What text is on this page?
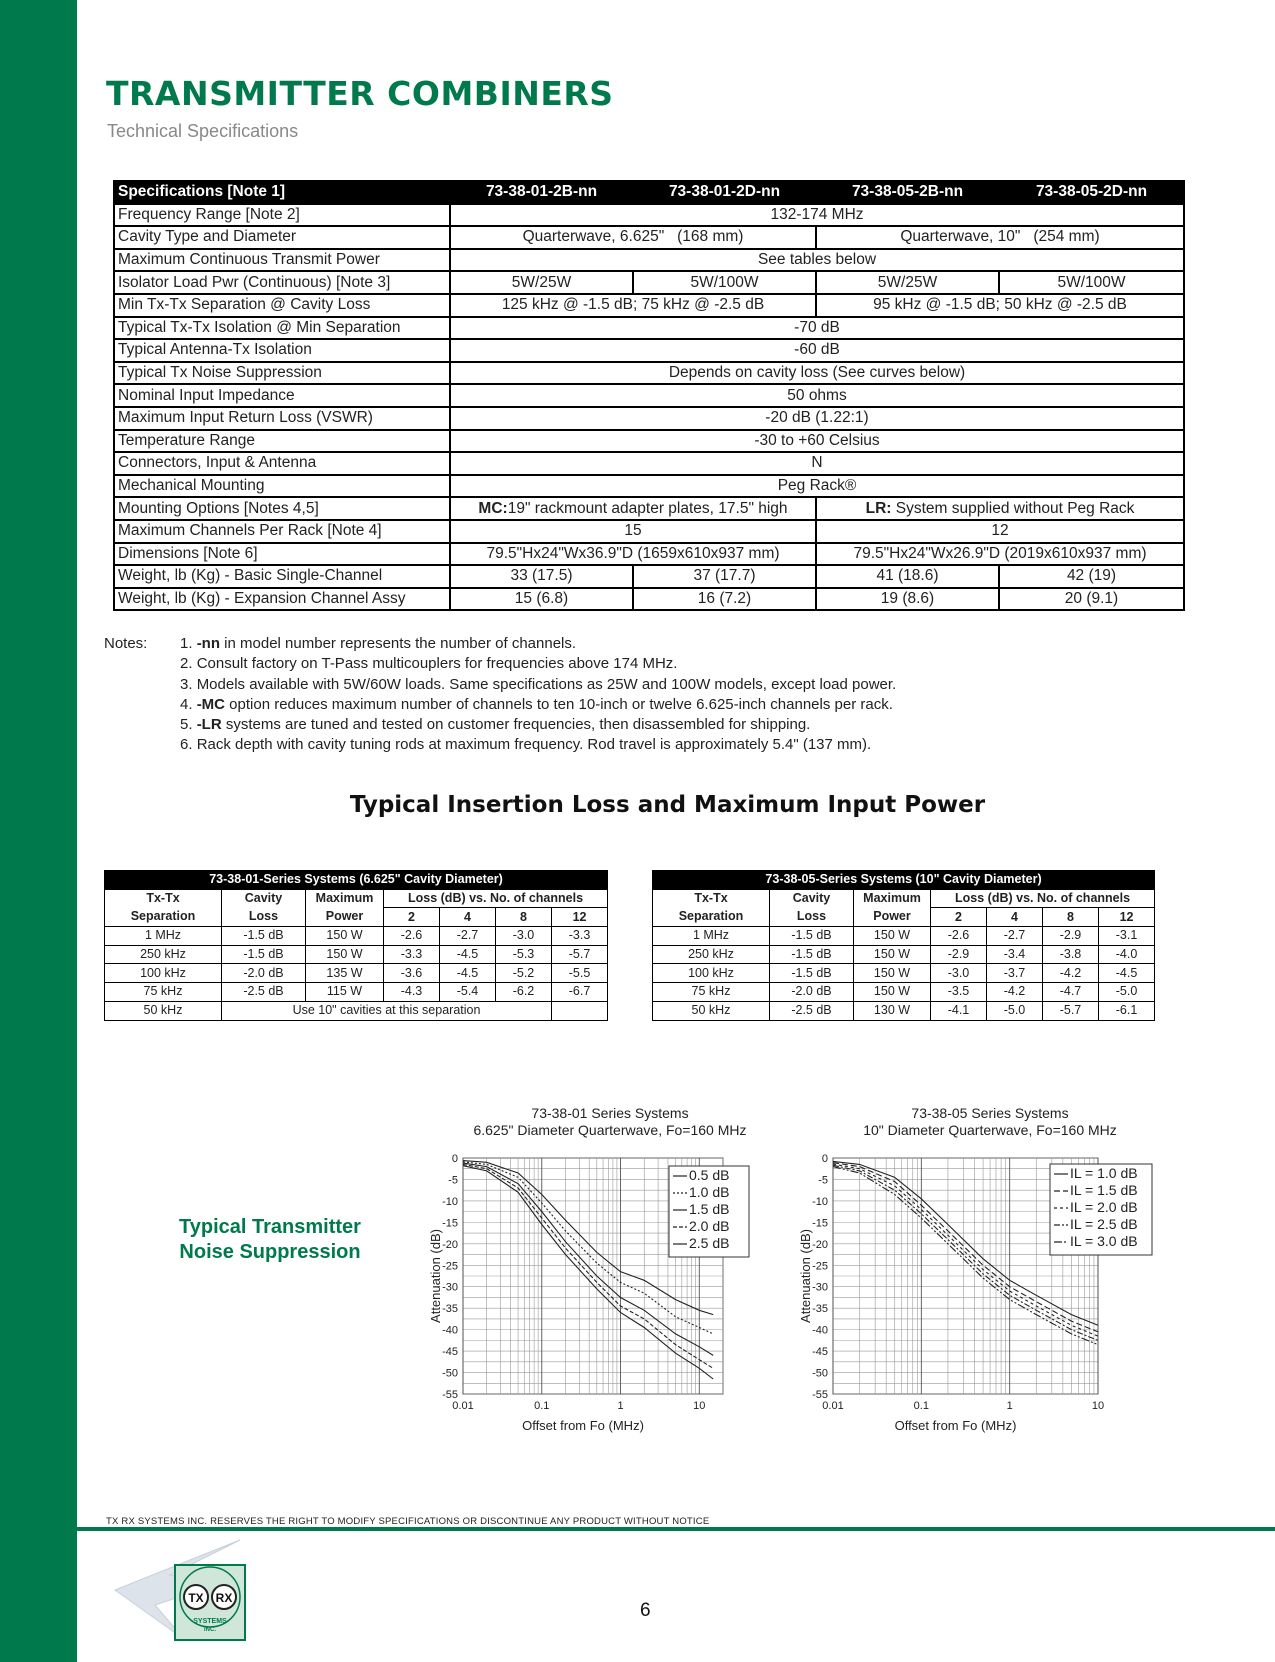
TRANSMITTER COMBINERS
Technical Specifications
Specifications [Note 1]	73-38-01-2B-nn	73-38-01-2D-nn	73-38-05-2B-nn	73-38-05-2D-nn
Frequency Range [Note 2]	132-174 MHz			
Cavity Type and Diameter	Quarterwave, 6.625"   (168 mm)		Quarterwave, 10"   (254 mm)	
Maximum Continuous Transmit Power	See tables below			
Isolator Load Pwr (Continuous) [Note 3]	5W/25W	5W/100W	5W/25W	5W/100W
Min Tx-Tx Separation @ Cavity Loss	125 kHz @ -1.5 dB; 75 kHz @ -2.5 dB		95 kHz @ -1.5 dB; 50 kHz @ -2.5 dB	
Typical Tx-Tx Isolation @ Min Separation	-70 dB			
Typical Antenna-Tx Isolation	-60 dB			
Typical Tx Noise Suppression	Depends on cavity loss (See curves below)			
Nominal Input Impedance	50 ohms			
Maximum Input Return Loss (VSWR)	-20 dB (1.22:1)			
Temperature Range	-30 to +60 Celsius			
Connectors, Input & Antenna	N			
Mechanical Mounting	Peg Rack®			
Mounting Options [Notes 4,5]	MC:19" rackmount adapter plates, 17.5" high		LR: System supplied without Peg Rack	
Maximum Channels Per Rack [Note 4]	15		12	
Dimensions [Note 6]	79.5"Hx24"Wx36.9"D (1659x610x937 mm)		79.5"Hx24"Wx26.9"D (2019x610x937 mm)	
Weight, lb (Kg) - Basic Single-Channel	33 (17.5)	37 (17.7)	41 (18.6)	42 (19)
Weight, lb (Kg) - Expansion Channel Assy	15 (6.8)	16 (7.2)	19 (8.6)	20 (9.1)
Notes: 1. -nn in model number represents the number of channels.
2. Consult factory on T-Pass multicouplers for frequencies above 174 MHz.
3. Models available with 5W/60W loads. Same specifications as 25W and 100W models, except load power.
4. -MC option reduces maximum number of channels to ten 10-inch or twelve 6.625-inch channels per rack.
5. -LR systems are tuned and tested on customer frequencies, then disassembled for shipping.
6. Rack depth with cavity tuning rods at maximum frequency. Rod travel is approximately 5.4" (137 mm).
Typical Insertion Loss and Maximum Input Power
73-38-01-Series Systems (6.625" Cavity Diameter)						
Tx-Tx	Cavity	Maximum	Loss (dB) vs. No. of channels			
Separation	Loss	Power	2	4	8	12
1 MHz	-1.5 dB	150 W	-2.6	-2.7	-3.0	-3.3
250 kHz	-1.5 dB	150 W	-3.3	-4.5	-5.3	-5.7
100 kHz	-2.0 dB	135 W	-3.6	-4.5	-5.2	-5.5
75 kHz	-2.5 dB	115 W	-4.3	-5.4	-6.2	-6.7
50 kHz	Use 10" cavities at this separation					
73-38-05-Series Systems (10" Cavity Diameter)						
Tx-Tx	Cavity	Maximum	Loss (dB) vs. No. of channels			
Separation	Loss	Power	2	4	8	12
1 MHz	-1.5 dB	150 W	-2.6	-2.7	-2.9	-3.1
250 kHz	-1.5 dB	150 W	-2.9	-3.4	-3.8	-4.0
100 kHz	-1.5 dB	150 W	-3.0	-3.7	-4.2	-4.5
75 kHz	-2.0 dB	150 W	-3.5	-4.2	-4.7	-5.0
50 kHz	-2.5 dB	130 W	-4.1	-5.0	-5.7	-6.1
Typical Transmitter
Noise Suppression
73-38-01 Series Systems
6.625" Diameter Quarterwave, Fo=160 MHz
0
-5
-10
-15
-20
-25
-30
-35
-40
-45
-50
-55
0.01	0.1	1	10
Offset from Fo (MHz)
Attenuation (dB)
0.5 dB
1.0 dB
1.5 dB
2.0 dB
2.5 dB
73-38-05 Series Systems
10" Diameter Quarterwave, Fo=160 MHz
0
-5
-10
-15
-20
-25
-30
-35
-40
-45
-50
-55
0.01	0.1	1	10
Offset from Fo (MHz)
Attenuation (dB)
IL = 1.0 dB
IL = 1.5 dB
IL = 2.0 dB
IL = 2.5 dB
IL = 3.0 dB
TX RX SYSTEMS INC. RESERVES THE RIGHT TO MODIFY SPECIFICATIONS OR DISCONTINUE ANY PRODUCT WITHOUT NOTICE
TX RX
SYSTEMS
INC.
6
